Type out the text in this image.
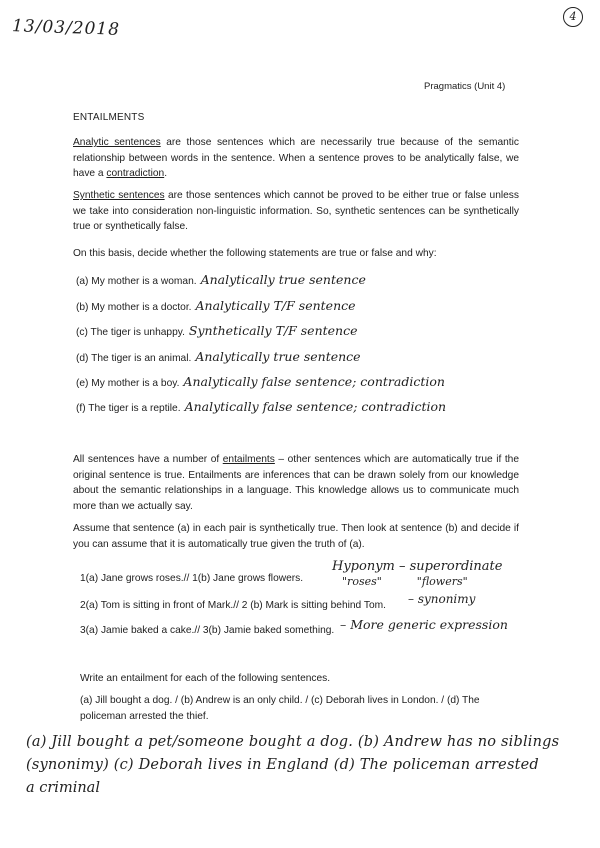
13/03/2018	4
Pragmatics (Unit 4)
ENTAILMENTS
Analytic sentences are those sentences which are necessarily true because of the semantic relationship between words in the sentence. When a sentence proves to be analytically false, we have a contradiction.
Synthetic sentences are those sentences which cannot be proved to be either true or false unless we take into consideration non-linguistic information. So, synthetic sentences can be synthetically true or synthetically false.
On this basis, decide whether the following statements are true or false and why:
(a) My mother is a woman. Analytically true sentence
(b) My mother is a doctor. Analytically T/F sentence
(c) The tiger is unhappy. Synthetically T/F sentence
(d) The tiger is an animal. Analytically true sentence
(e) My mother is a boy. Analytically false sentence; contradiction
(f) The tiger is a reptile. Analytically false sentence; contradiction
All sentences have a number of entailments – other sentences which are automatically true if the original sentence is true. Entailments are inferences that can be drawn solely from our knowledge about the semantic relationships in a language. This knowledge allows us to communicate much more than we actually say.
Assume that sentence (a) in each pair is synthetically true. Then look at sentence (b) and decide if you can assume that it is automatically true given the truth of (a).
1(a) Jane grows roses.// 1(b) Jane grows flowers.
Hyponym – superordinate
"roses"          "flowers"
2(a) Tom is sitting in front of Mark.// 2 (b) Mark is sitting behind Tom. – synonimy
3(a) Jamie baked a cake.// 3(b) Jamie baked something. – More generic expression
Write an entailment for each of the following sentences.
(a) Jill bought a dog. / (b) Andrew is an only child. / (c) Deborah lives in London. / (d) The policeman arrested the thief.
(a) Jill bought a pet/someone bought a dog. (b) Andrew has no siblings
(synonimy) (c) Deborah lives in England (d) The policeman arrested
a criminal
